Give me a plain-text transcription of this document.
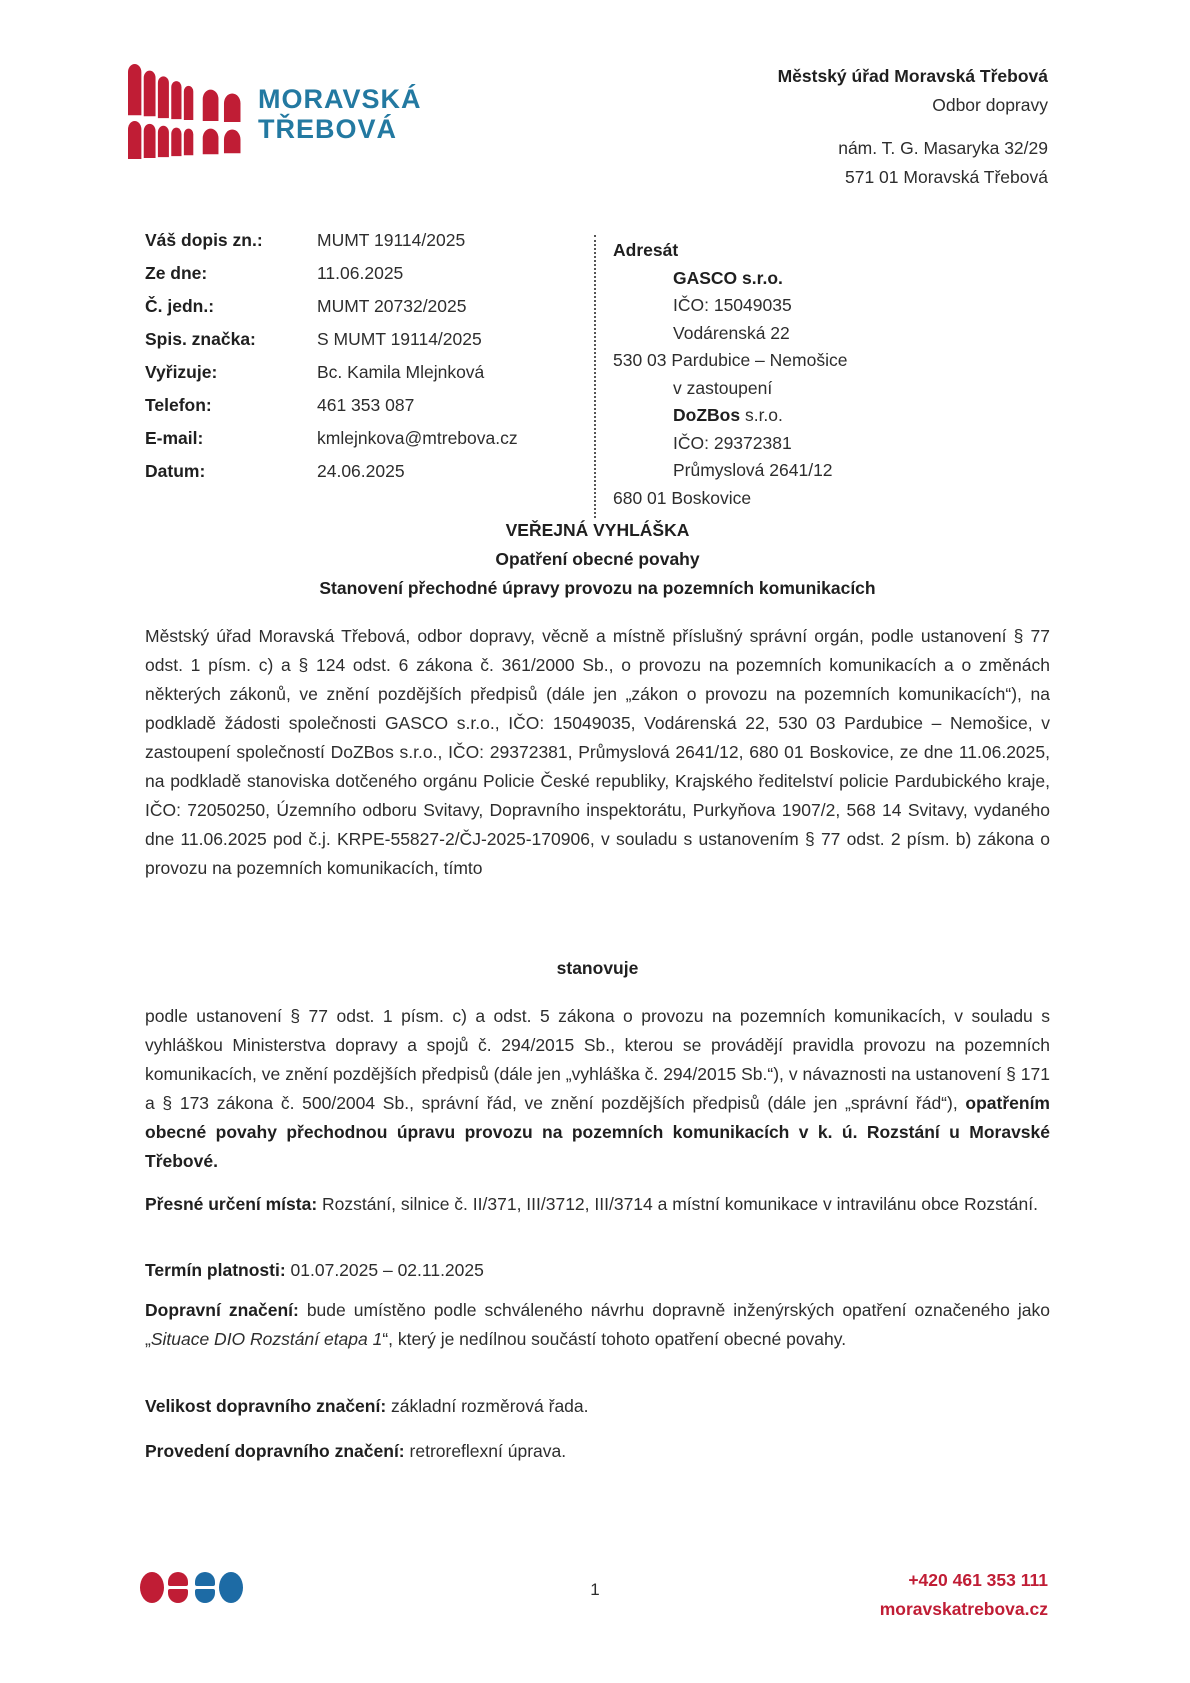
MORAVSKÁ
TŘEBOVÁ
Městský úřad Moravská Třebová
Odbor dopravy
nám. T. G. Masaryka 32/29
571 01 Moravská Třebová
Váš dopis zn.:	MUMT 19114/2025
Ze dne:	11.06.2025
Č. jedn.:	MUMT 20732/2025
Spis. značka:	S MUMT 19114/2025
Vyřizuje:	Bc. Kamila Mlejnková
Telefon:	461 353 087
E-mail:	kmlejnkova@mtrebova.cz
Datum:	24.06.2025
Adresát
GASCO s.r.o.
IČO: 15049035
Vodárenská 22
530 03 Pardubice – Nemošice
v zastoupení
DoZBos s.r.o.
IČO: 29372381
Průmyslová 2641/12
680 01 Boskovice
VEŘEJNÁ VYHLÁŠKA
Opatření obecné povahy
Stanovení přechodné úpravy provozu na pozemních komunikacích
Městský úřad Moravská Třebová, odbor dopravy, věcně a místně příslušný správní orgán, podle ustanovení § 77 odst. 1 písm. c) a § 124 odst. 6 zákona č. 361/2000 Sb., o provozu na pozemních komunikacích a o změnách některých zákonů, ve znění pozdějších předpisů (dále jen „zákon o provozu na pozemních komunikacích“), na podkladě žádosti společnosti GASCO s.r.o., IČO: 15049035, Vodárenská 22, 530 03 Pardubice – Nemošice, v zastoupení společností DoZBos s.r.o., IČO: 29372381, Průmyslová 2641/12, 680 01 Boskovice, ze dne 11.06.2025, na podkladě stanoviska dotčeného orgánu Policie České republiky, Krajského ředitelství policie Pardubického kraje, IČO: 72050250, Územního odboru Svitavy, Dopravního inspektorátu, Purkyňova 1907/2, 568 14 Svitavy, vydaného dne 11.06.2025 pod č.j. KRPE-55827-2/ČJ-2025-170906, v souladu s ustanovením § 77 odst. 2 písm. b) zákona o provozu na pozemních komunikacích, tímto
stanovuje
podle ustanovení § 77 odst. 1 písm. c) a odst. 5 zákona o provozu na pozemních komunikacích, v souladu s vyhláškou Ministerstva dopravy a spojů č. 294/2015 Sb., kterou se provádějí pravidla provozu na pozemních komunikacích, ve znění pozdějších předpisů (dále jen „vyhláška č. 294/2015 Sb.“), v návaznosti na ustanovení § 171 a § 173 zákona č. 500/2004 Sb., správní řád, ve znění pozdějších předpisů (dále jen „správní řád“), opatřením obecné povahy přechodnou úpravu provozu na pozemních komunikacích v k. ú. Rozstání u Moravské Třebové.
Přesné určení místa: Rozstání, silnice č. II/371, III/3712, III/3714 a místní komunikace v intravilánu obce Rozstání.
Termín platnosti: 01.07.2025 – 02.11.2025
Dopravní značení: bude umístěno podle schváleného návrhu dopravně inženýrských opatření označeného jako „Situace DIO Rozstání etapa 1“, který je nedílnou součástí tohoto opatření obecné povahy.
Velikost dopravního značení: základní rozměrová řada.
Provedení dopravního značení: retroreflexní úprava.
1	+420 461 353 111
moravskatrebova.cz
